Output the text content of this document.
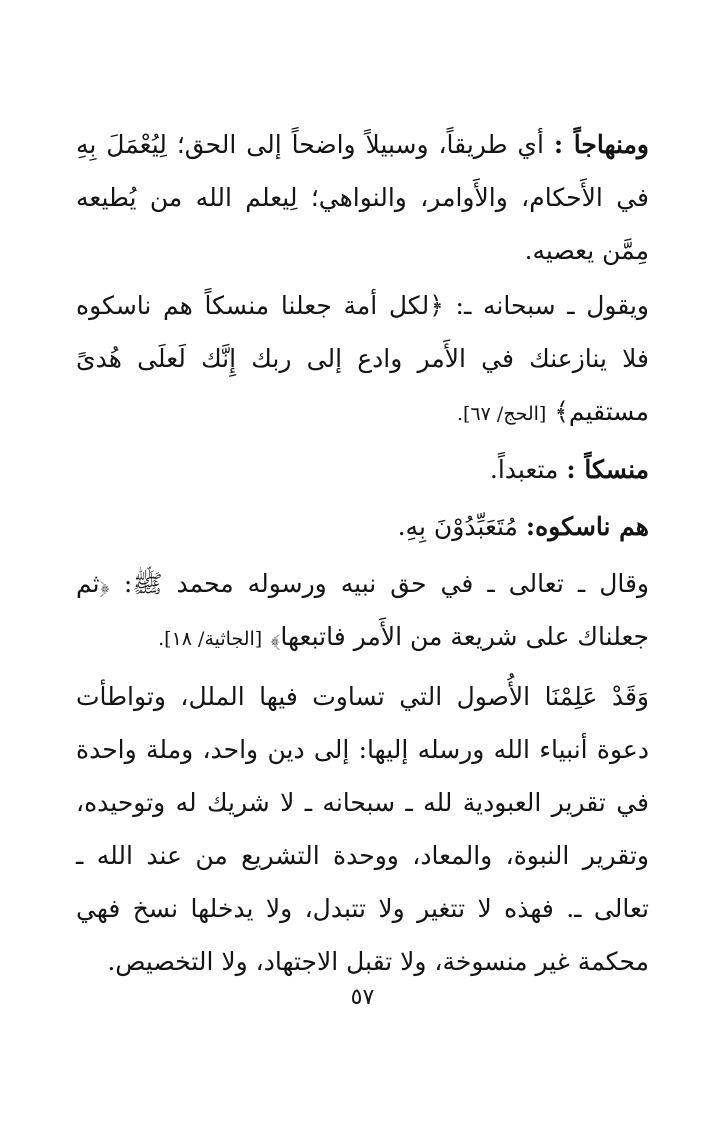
ومنهاجاً : أي طريقاً، وسبيلاً واضحاً إلى الحق؛ لِيُعْمَلَ بِهِ في الأَحكام، والأَوامر، والنواهي؛ لِيعلم الله من يُطيعه مِمَّن يعصيه.

ويقول ـ سبحانه ـ: ﴿لكل أمة جعلنا منسكاً هم ناسكوه فلا ينازعنك في الأَمر وادع إلى ربك إِنَّك لَعلَى هُدىً مستقيم﴾ [الحج/ ٦٧].

منسكاً : متعبداً.

هم ناسكوه: مُتَعَبِّدُوْنَ بِهِ.

وقال ـ تعالى ـ في حق نبيه ورسوله محمد ﷺ: ﴿ثم جعلناك على شريعة من الأَمر فاتبعها﴾ [الجاثية/ ١٨].

وَقَدْ عَلِمْنَا الأُصول التي تساوت فيها الملل، وتواطأت دعوة أنبياء الله ورسله إليها: إلى دين واحد، وملة واحدة في تقرير العبودية لله ـ سبحانه ـ لا شريك له وتوحيده، وتقرير النبوة، والمعاد، ووحدة التشريع من عند الله ـ تعالى ـ. فهذه لا تتغير ولا تتبدل، ولا يدخلها نسخ فهي محكمة غير منسوخة، ولا تقبل الاجتهاد، ولا التخصيص.

٥٧
